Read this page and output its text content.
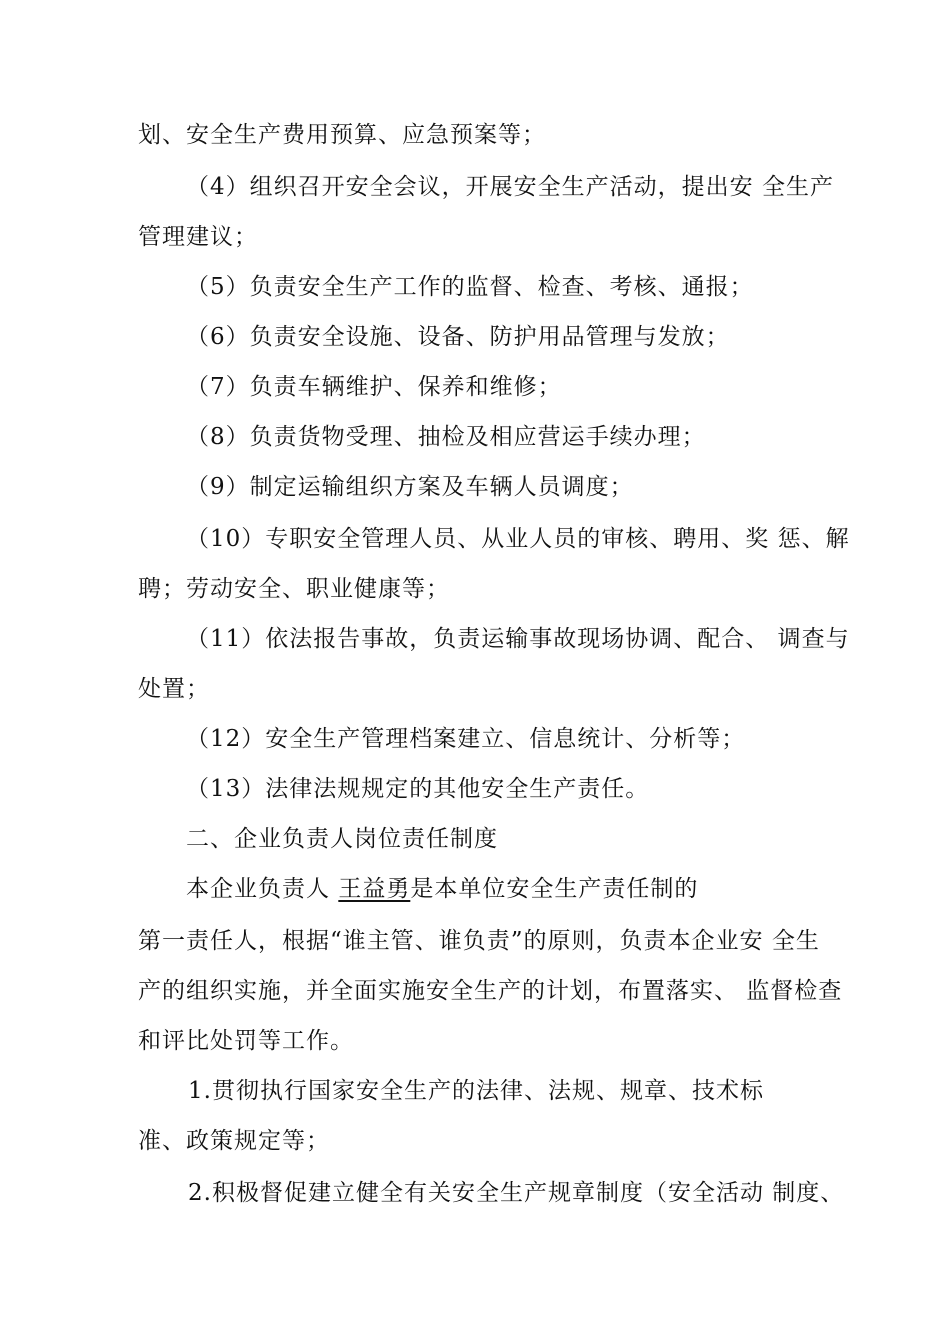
划、安全生产费用预算、应急预案等；

（4）组织召开安全会议，开展安全生产活动，提出安 全生产

管理建议；

（5）负责安全生产工作的监督、检查、考核、通报；

（6）负责安全设施、设备、防护用品管理与发放；

（7）负责车辆维护、保养和维修；

（8）负责货物受理、抽检及相应营运手续办理；

（9）制定运输组织方案及车辆人员调度；

（10）专职安全管理人员、从业人员的审核、聘用、奖 惩、解

聘；劳动安全、职业健康等；

（11）依法报告事故，负责运输事故现场协调、配合、 调查与

处置；

（12）安全生产管理档案建立、信息统计、分析等；

（13）法律法规规定的其他安全生产责任。

二、企业负责人岗位责任制度

本企业负责人 王益勇是本单位安全生产责任制的

第一责任人，根据“谁主管、谁负责”的原则，负责本企业安 全生

产的组织实施，并全面实施安全生产的计划，布置落实、 监督检查

和评比处罚等工作。

1.贯彻执行国家安全生产的法律、法规、规章、技术标

准、政策规定等；

2.积极督促建立健全有关安全生产规章制度（安全活动 制度、
